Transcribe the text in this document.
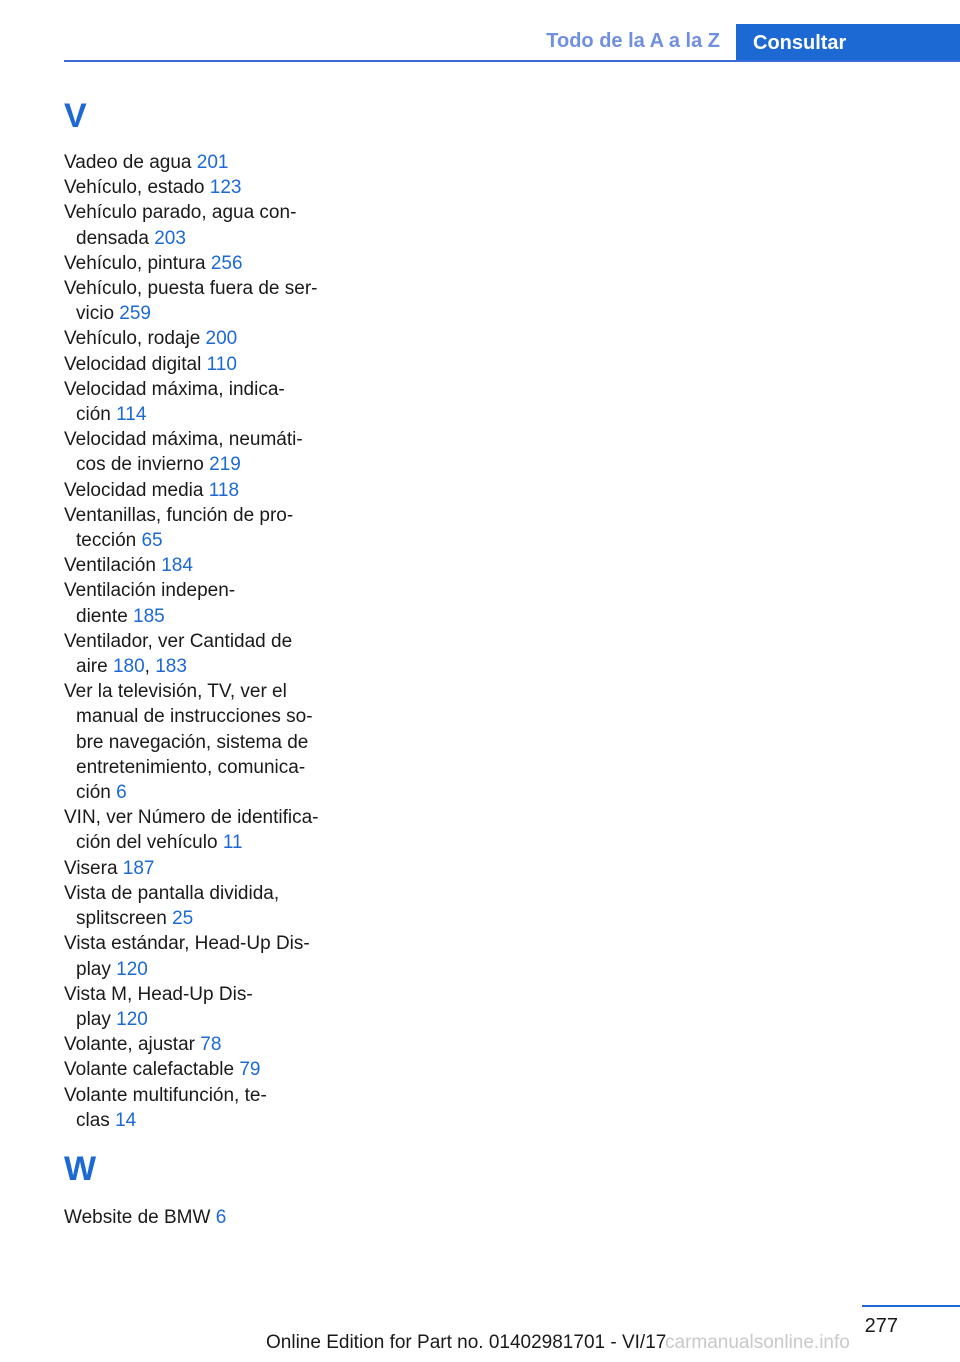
Todo de la A a la Z Consultar
V
Vadeo de agua 201
Vehículo, estado 123
Vehículo parado, agua con-
densada 203
Vehículo, pintura 256
Vehículo, puesta fuera de ser-
vicio 259
Vehículo, rodaje 200
Velocidad digital 110
Velocidad máxima, indica-
ción 114
Velocidad máxima, neumáti-
cos de invierno 219
Velocidad media 118
Ventanillas, función de pro-
tección 65
Ventilación 184
Ventilación indepen-
diente 185
Ventilador, ver Cantidad de
aire 180, 183
Ver la televisión, TV, ver el
manual de instrucciones so-
bre navegación, sistema de
entretenimiento, comunica-
ción 6
VIN, ver Número de identifica-
ción del vehículo 11
Visera 187
Vista de pantalla dividida,
splitscreen 25
Vista estándar, Head-Up Dis-
play 120
Vista M, Head-Up Dis-
play 120
Volante, ajustar 78
Volante calefactable 79
Volante multifunción, te-
clas 14
W
Website de BMW 6
277
Online Edition for Part no. 01402981701 - VI/17
carmanualsonline.info
